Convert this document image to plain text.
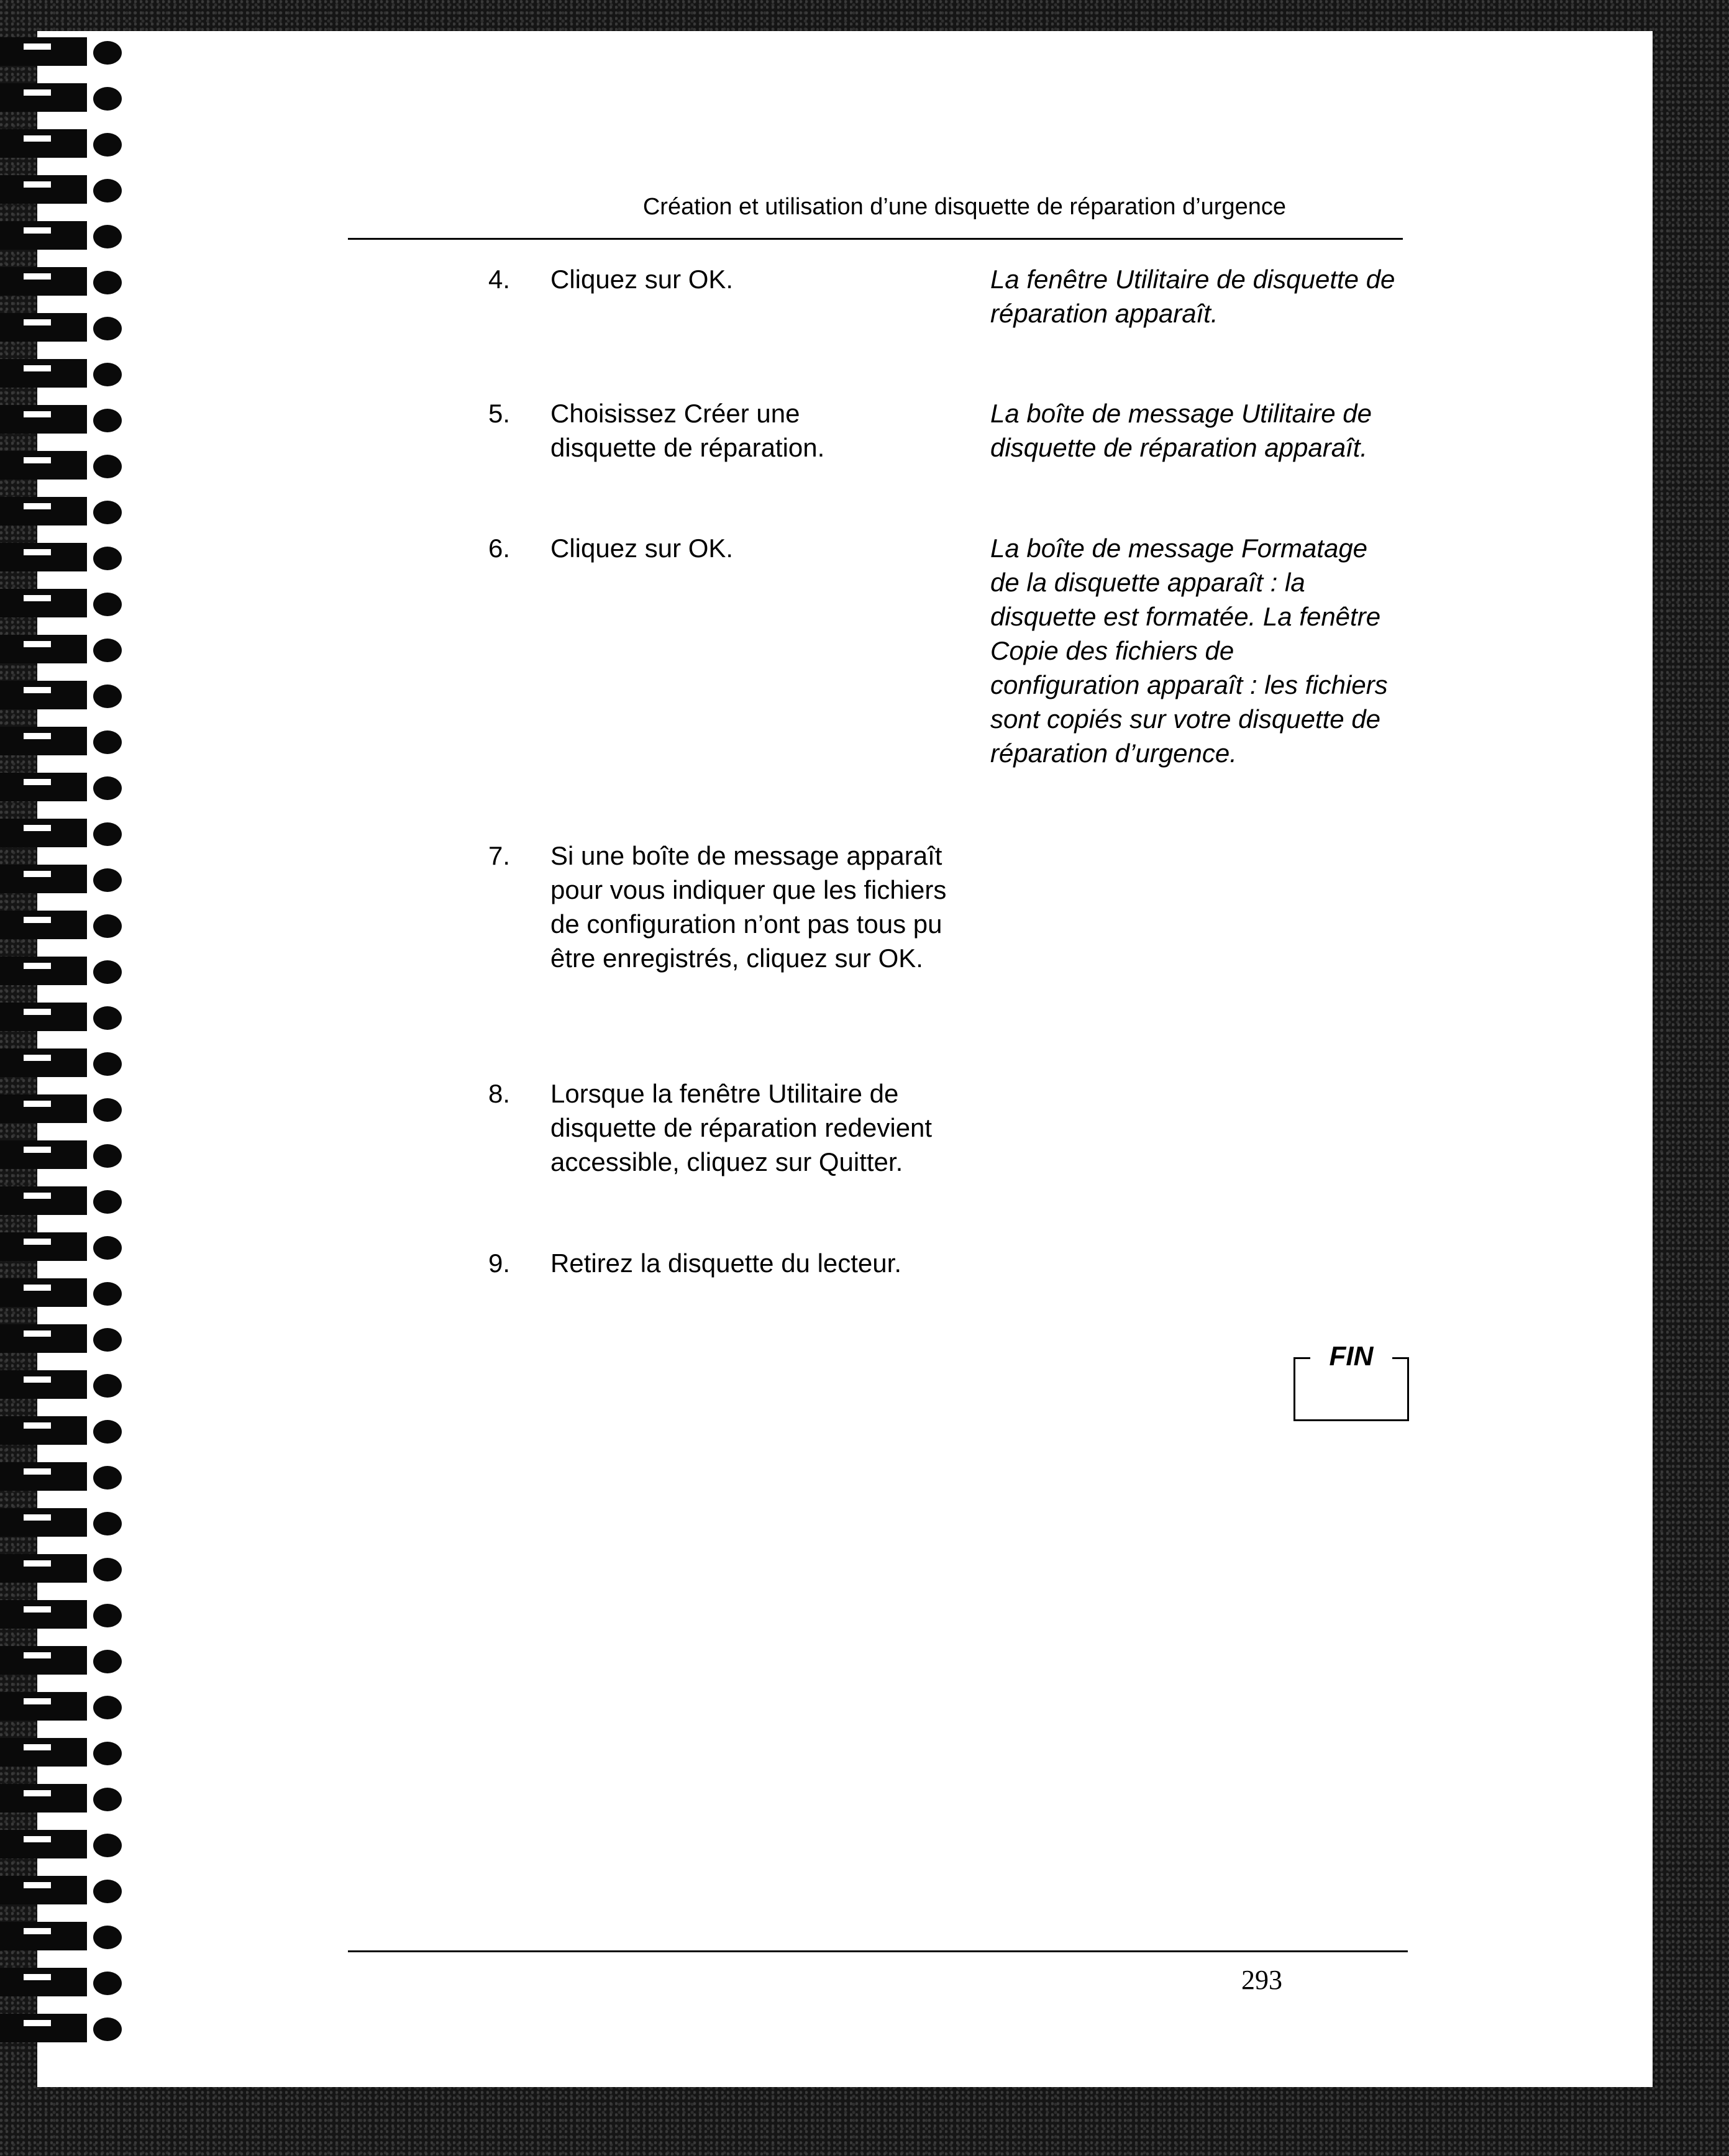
Création et utilisation d’une disquette de réparation d’urgence
4. Cliquez sur OK.	La fenêtre Utilitaire de disquette de réparation apparaît.
5. Choisissez Créer une disquette de réparation.
La boîte de message Utilitaire de disquette de réparation apparaît.
6. Cliquez sur OK.	La boîte de message Formatage de la disquette apparaît : la disquette est formatée. La fenêtre Copie des fichiers de configuration apparaît : les fichiers sont copiés sur votre disquette de réparation d’urgence.
7. Si une boîte de message apparaît pour vous indiquer que les fichiers de configuration n’ont pas tous pu être enregistrés, cliquez sur OK.
8. Lorsque la fenêtre Utilitaire de disquette de réparation redevient accessible, cliquez sur Quitter.
9. Retirez la disquette du lecteur.
FIN
293
